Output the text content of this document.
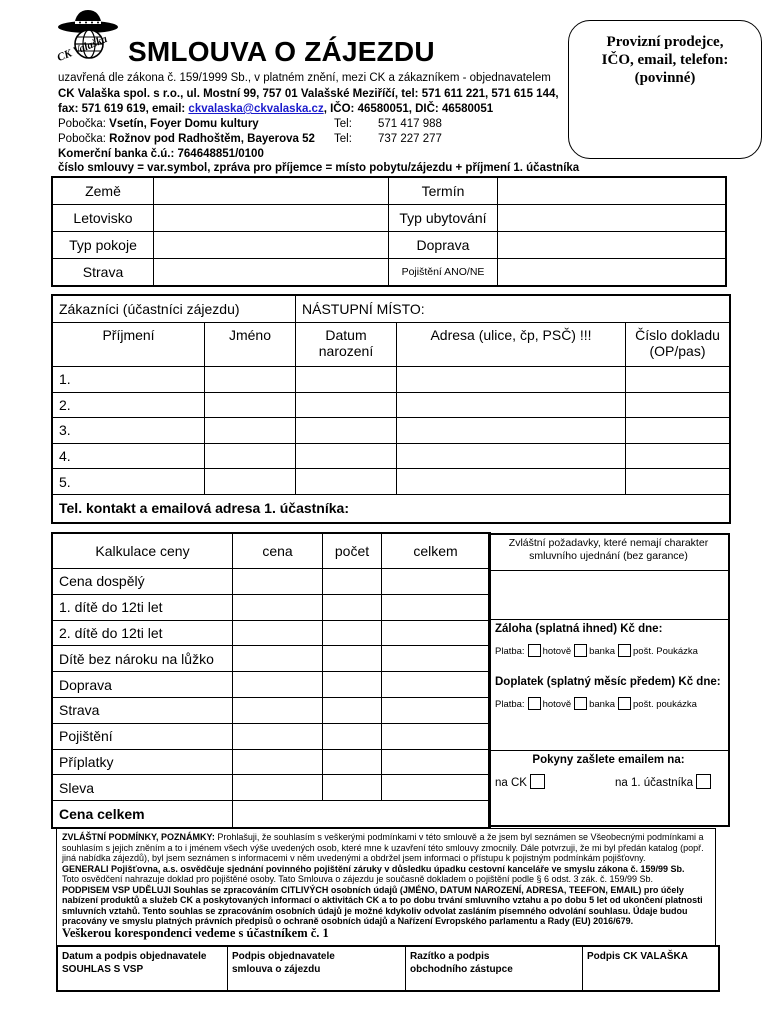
CK Valaška SMLOUVA O ZÁJEZDU	Provizní prodejce,
IČO, email, telefon:
(povinné)
uzavřená dle zákona č. 159/1999 Sb., v platném znění, mezi CK a zákazníkem - objednavatelem
CK Valaška spol. s r.o., ul. Mostní 99, 757 01 Valašské Meziříčí, tel: 571 611 221, 571 615 144,
fax: 571 619 619, email: ckvalaska@ckvalaska.cz, IČO: 46580051, DIČ: 46580051
Pobočka: Vsetín, Foyer Domu kultury	Tel: 571 417 988
Pobočka: Rožnov pod Radhoštěm, Bayerova 52 Tel: 737 227 277
Komerční banka č.ú.: 764648851/0100
číslo smlouvy = var.symbol, zpráva pro příjemce = místo pobytu/zájezdu + příjmení 1. účastníka
Země		Termín	
Letovisko		Typ ubytování	
Typ pokoje		Doprava	
Strava		Pojištění ANO/NE	
Zákazníci (účastníci zájezdu)		NÁSTUPNÍ MÍSTO:		
Příjmení	Jméno	Datum narození	Adresa (ulice, čp, PSČ) !!!	Číslo dokladu (OP/pas)
1.				
2.				
3.				
4.				
5.				
Tel. kontakt a emailová adresa 1. účastníka:				
Kalkulace ceny	cena	počet	celkem
Cena dospělý			
1. dítě do 12ti let			
2. dítě do 12ti let			
Dítě bez nároku na lůžko			
Doprava			
Strava			
Pojištění			
Příplatky			
Sleva			
Cena celkem			
Zvláštní požadavky, které nemají charakter smluvního ujednání (bez garance)
Záloha (splatná ihned) Kč dne:
Platba: hotově banka pošt. Poukázka
Doplatek (splatný měsíc předem) Kč dne:
Platba: hotově banka pošt. poukázka
Pokyny zašlete emailem na:
na CK	na 1. účastníka
ZVLÁŠTNÍ PODMÍNKY, POZNÁMKY: Prohlašuji, že souhlasím s veškerými podmínkami v této smlouvě a že jsem byl seznámen se Všeobecnými podmínkami a souhlasím s jejich zněním a to i jménem všech výše uvedených osob, které mne k uzavření této smlouvy zmocnily. Dále potvrzuji, že mi byl předán katalog (popř. jiná nabídka zájezdů), byl jsem seznámen s informacemi v něm uvedenými a obdržel jsem informaci o přístupu k pojistným podmínkám pojišťovny.
GENERALI Pojišťovna, a.s. osvědčuje sjednání povinného pojištění záruky v důsledku úpadku cestovní kanceláře ve smyslu zákona č. 159/99 Sb.
Toto osvědčení nahrazuje doklad pro pojištěné osoby. Tato Smlouva o zájezdu je současně dokladem o pojištění podle § 6 odst. 3 zák. č. 159/99 Sb.
PODPISEM VSP UDĚLUJI Souhlas se zpracováním CITLIVÝCH osobních údajů (JMÉNO, DATUM NAROZENÍ, ADRESA, TEEFON, EMAIL) pro účely nabízení produktů a služeb CK a poskytovaných informací o aktivitách CK a to po dobu trvání smluvního vztahu a po dobu 5 let od ukončení platnosti smluvních vztahů. Tento souhlas se zpracováním osobních údajů je možné kdykoliv odvolat zasláním písemného odvolání souhlasu. Údaje budou pracovány ve smyslu platných právních předpisů o ochraně osobních údajů a Nařízení Evropského parlamentu a Rady (EU) 2016/679.
Veškerou korespondenci vedeme s účastníkem č. 1
Datum a podpis objednavatele
SOUHLAS S VSP

Podpis objednavatele
smlouva o zájezdu

Razítko a podpis
obchodního zástupce

Podpis CK VALAŠKA
